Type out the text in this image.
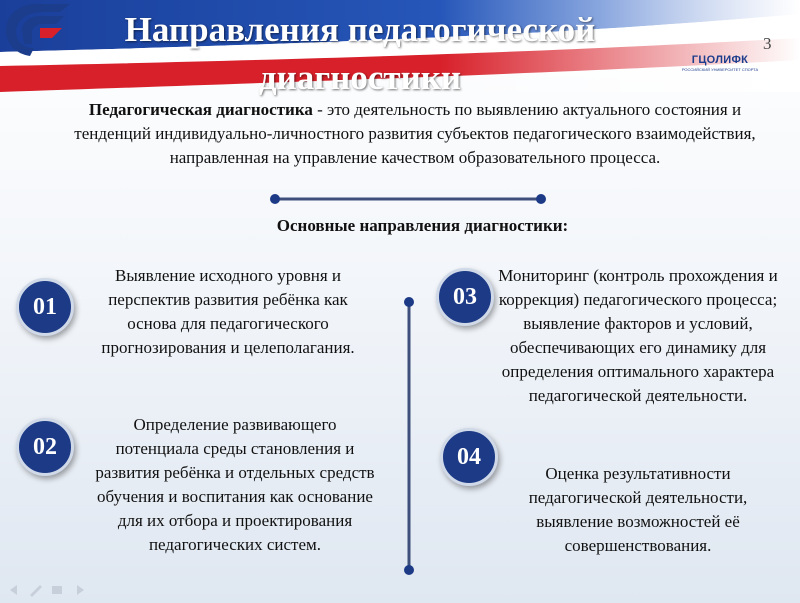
Направления педагогической
диагностики	ГЦОЛИФК
РОССИЙСКИЙ УНИВЕРСИТЕТ СПОРТА
3
Педагогическая диагностика - это деятельность по выявлению актуального состояния и тенденций индивидуально-личностного развития субъектов педагогического взаимодействия, направленная на управление качеством образовательного процесса.
Основные направления диагностики:
01
Выявление исходного уровня и перспектив развития ребёнка как основа для педагогического прогнозирования и целеполагания.
02
Определение развивающего потенциала среды становления и развития ребёнка и отдельных средств обучения и воспитания как основание для их отбора и проектирования педагогических систем.
03
Мониторинг (контроль прохождения и коррекция) педагогического процесса; выявление факторов и условий, обеспечивающих его динамику для определения оптимального характера педагогической деятельности.
04
Оценка результативности педагогической деятельности, выявление возможностей её совершенствования.
